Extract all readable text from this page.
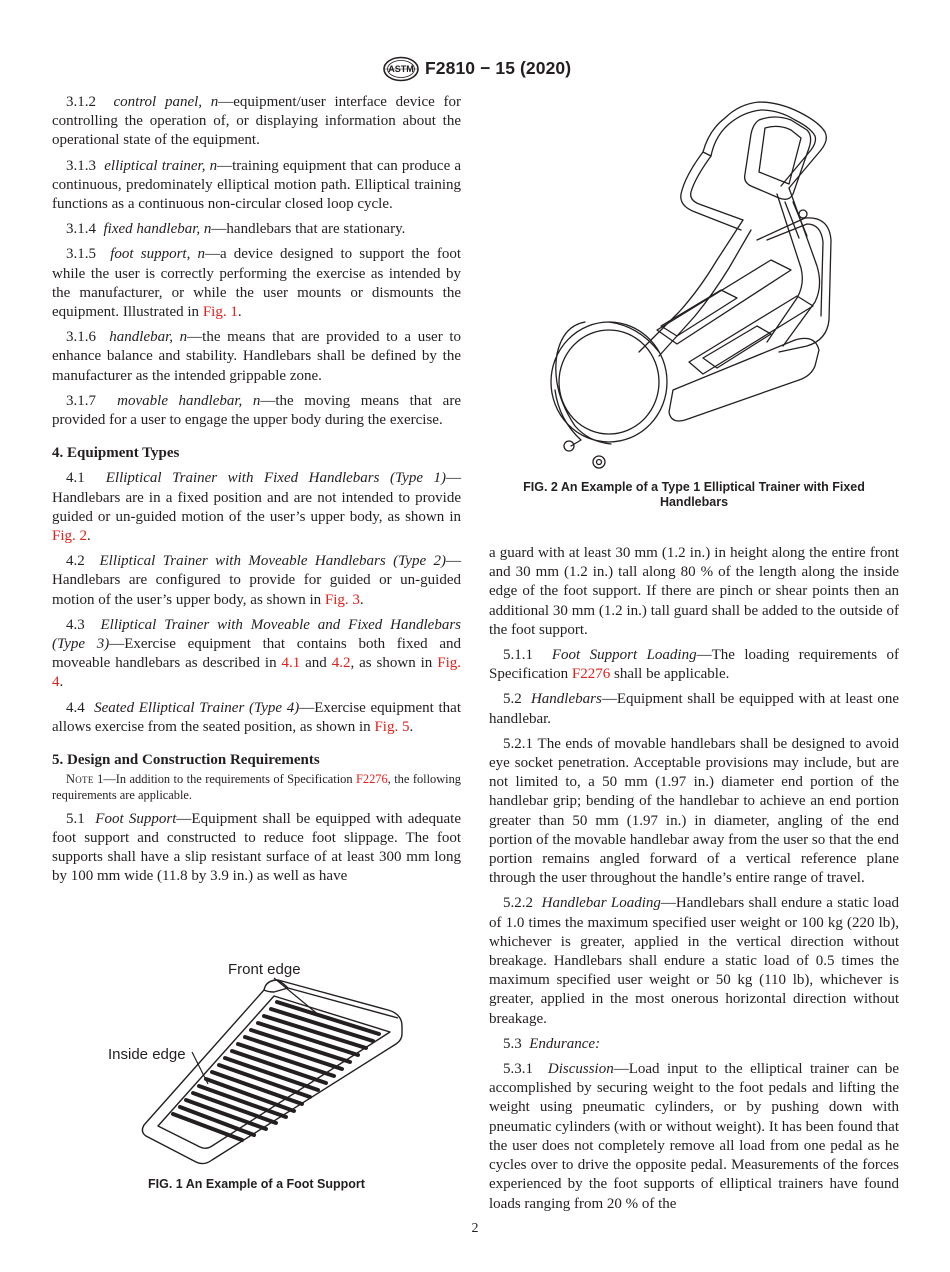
ASTM F2810 − 15 (2020)

3.1.2 control panel, n—equipment/user interface device for controlling the operation of, or displaying information about the operational state of the equipment.

3.1.3 elliptical trainer, n—training equipment that can produce a continuous, predominately elliptical motion path. Elliptical training functions as a continuous non-circular closed loop cycle.

3.1.4 fixed handlebar, n—handlebars that are stationary.

3.1.5 foot support, n—a device designed to support the foot while the user is correctly performing the exercise as intended by the manufacturer, or while the user mounts or dismounts the equipment. Illustrated in Fig. 1.

3.1.6 handlebar, n—the means that are provided to a user to enhance balance and stability. Handlebars shall be defined by the manufacturer as the intended grippable zone.

3.1.7 movable handlebar, n—the moving means that are provided for a user to engage the upper body during the exercise.

4. Equipment Types

4.1 Elliptical Trainer with Fixed Handlebars (Type 1)—Handlebars are in a fixed position and are not intended to provide guided or un-guided motion of the user’s upper body, as shown in Fig. 2.

4.2 Elliptical Trainer with Moveable Handlebars (Type 2)—Handlebars are configured to provide for guided or un-guided motion of the user’s upper body, as shown in Fig. 3.

4.3 Elliptical Trainer with Moveable and Fixed Handlebars (Type 3)—Exercise equipment that contains both fixed and moveable handlebars as described in 4.1 and 4.2, as shown in Fig. 4.

4.4 Seated Elliptical Trainer (Type 4)—Exercise equipment that allows exercise from the seated position, as shown in Fig. 5.

5. Design and Construction Requirements

Note 1—In addition to the requirements of Specification F2276, the following requirements are applicable.

5.1 Foot Support—Equipment shall be equipped with adequate foot support and constructed to reduce foot slippage. The foot supports shall have a slip resistant surface of at least 300 mm long by 100 mm wide (11.8 by 3.9 in.) as well as have

Front edge
Inside edge
FIG. 1 An Example of a Foot Support
FIG. 2 An Example of a Type 1 Elliptical Trainer with Fixed Handlebars

a guard with at least 30 mm (1.2 in.) in height along the entire front and 30 mm (1.2 in.) tall along 80 % of the length along the inside edge of the foot support. If there are pinch or shear points then an additional 30 mm (1.2 in.) tall guard shall be added to the outside of the foot support.

5.1.1 Foot Support Loading—The loading requirements of Specification F2276 shall be applicable.

5.2 Handlebars—Equipment shall be equipped with at least one handlebar.

5.2.1 The ends of movable handlebars shall be designed to avoid eye socket penetration. Acceptable provisions may include, but are not limited to, a 50 mm (1.97 in.) diameter end portion of the handlebar grip; bending of the handlebar to achieve an end portion greater than 50 mm (1.97 in.) in diameter, angling of the end portion of the movable handlebar away from the user so that the end portion remains angled forward of a vertical reference plane through the user throughout the handle’s entire range of travel.

5.2.2 Handlebar Loading—Handlebars shall endure a static load of 1.0 times the maximum specified user weight or 100 kg (220 lb), whichever is greater, applied in the vertical direction without breakage. Handlebars shall endure a static load of 0.5 times the maximum specified user weight or 50 kg (110 lb), whichever is greater, applied in the most onerous horizontal direction without breakage.

5.3 Endurance:

5.3.1 Discussion—Load input to the elliptical trainer can be accomplished by securing weight to the foot pedals and lifting the weight using pneumatic cylinders, or by pushing down with pneumatic cylinders (with or without weight). It has been found that the user does not completely remove all load from one pedal as he cycles over to drive the opposite pedal. Measurements of the forces experienced by the foot supports of elliptical trainers have found loads ranging from 20 % of the

2
